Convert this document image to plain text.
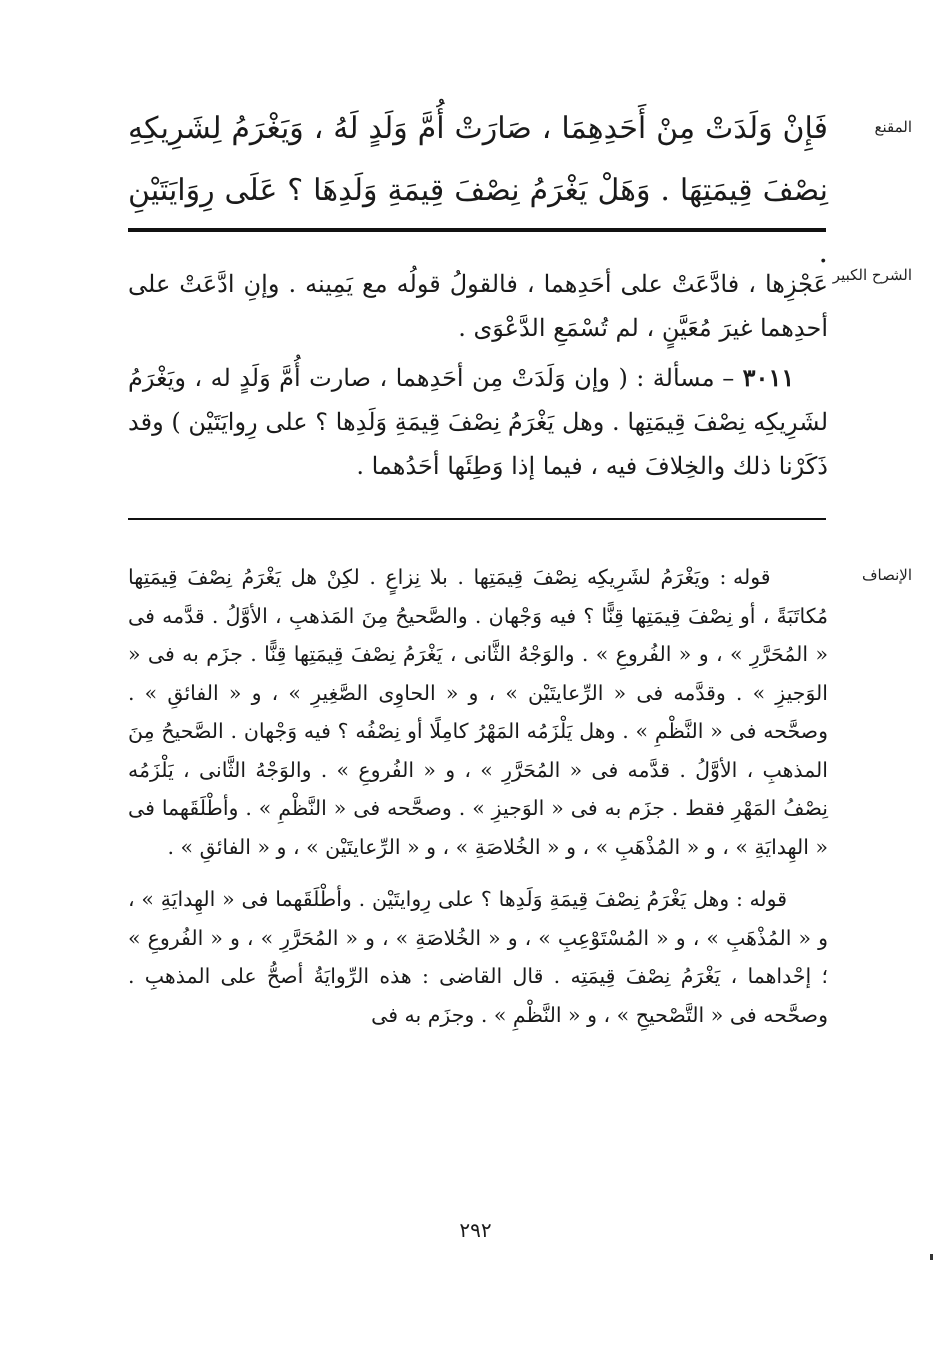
المقنع
فَإِنْ وَلَدَتْ مِنْ أَحَدِهِمَا ، صَارَتْ أُمَّ وَلَدٍ لَهُ ، وَيَغْرَمُ لِشَرِيكِهِ نِصْفَ قِيمَتِهَا . وَهَلْ يَغْرَمُ نِصْفَ قِيمَةِ وَلَدِهَا ؟ عَلَى رِوَايَتَيْنِ .
الشرح الكبير

عَجْزِها ، فادَّعَتْ على أحَدِهما ، فالقولُ قولُه مع يَمِينه . وإنِ ادَّعَتْ على أحدِهما غيرَ مُعَيَّنٍ ، لم تُسْمَعِ الدَّعْوَى .

٣٠١١ – مسألة : ( وإن وَلَدَتْ مِن أحَدِهما ، صارت أُمَّ وَلَدٍ له ، ويَغْرَمُ لشَرِيكِه نِصْفَ قِيمَتِها . وهل يَغْرَمُ نِصْفَ قِيمَةِ وَلَدِها ؟ على رِوايَتَيْن ) وقد ذَكَرْنا ذلك والخِلافَ فيه ، فيما إذا وَطِئَها أحَدُهما .

الإنصاف

قوله : ويَغْرَمُ لشَرِيكِه نِصْفَ قِيمَتِها . بلا نِزاعٍ . لكِنْ هل يَغْرَمُ نِصْفَ قِيمَتِها مُكاتَبَةً ، أو نِصْفَ قِيمَتِها قِنًّا ؟ فيه وَجْهان . والصَّحيحُ مِنَ المَذهبِ ، الأوَّلُ . قدَّمه فى « المُحَرَّرِ » ، و « الفُروعِ » . والوَجْهُ الثَّانى ، يَغْرَمُ نِصْفَ قِيمَتِها قِنًّا . جزَم به فى « الوَجيزِ » . وقدَّمه فى « الرِّعايتَيْن » ، و « الحاوِى الصَّغِيرِ » ، و « الفائقِ » . وصحَّحه فى « النَّظْمِ » . وهل يَلْزَمُه المَهْرُ كامِلًا أو نِصْفُه ؟ فيه وَجْهان . الصَّحيحُ مِنَ المذهبِ ، الأوَّلُ . قدَّمه فى « المُحَرَّرِ » ، و « الفُروعِ » . والوَجْهُ الثَّانى ، يَلْزَمُه نِصْفُ المَهْرِ فقط . جزَم به فى « الوَجيزِ » . وصحَّحه فى « النَّظْمِ » . وأطْلَقَهما فى « الهِدايَةِ » ، و « المُذْهَبِ » ، و « الخُلاصَةِ » ، و « الرِّعايتَيْن » ، و « الفائقِ » .

قوله : وهل يَغْرَمُ نِصْفَ قِيمَةِ وَلَدِها ؟ على رِوايتَيْن . وأطْلَقَهما فى « الهِدايَةِ » ، و « المُذْهَبِ » ، و « المُسْتَوْعِبِ » ، و « الخُلاصَةِ » ، و « المُحَرَّرِ » ، و « الفُروعِ » ؛ إحْداهما ، يَغْرَمُ نِصْفَ قِيمَتِه . قال القاضى : هذه الرِّوايَةُ أصحُّ على المذهبِ . وصحَّحه فى « التَّصْحيحِ » ، و « النَّظْمِ » . وجزَم به فى

٢٩٢
